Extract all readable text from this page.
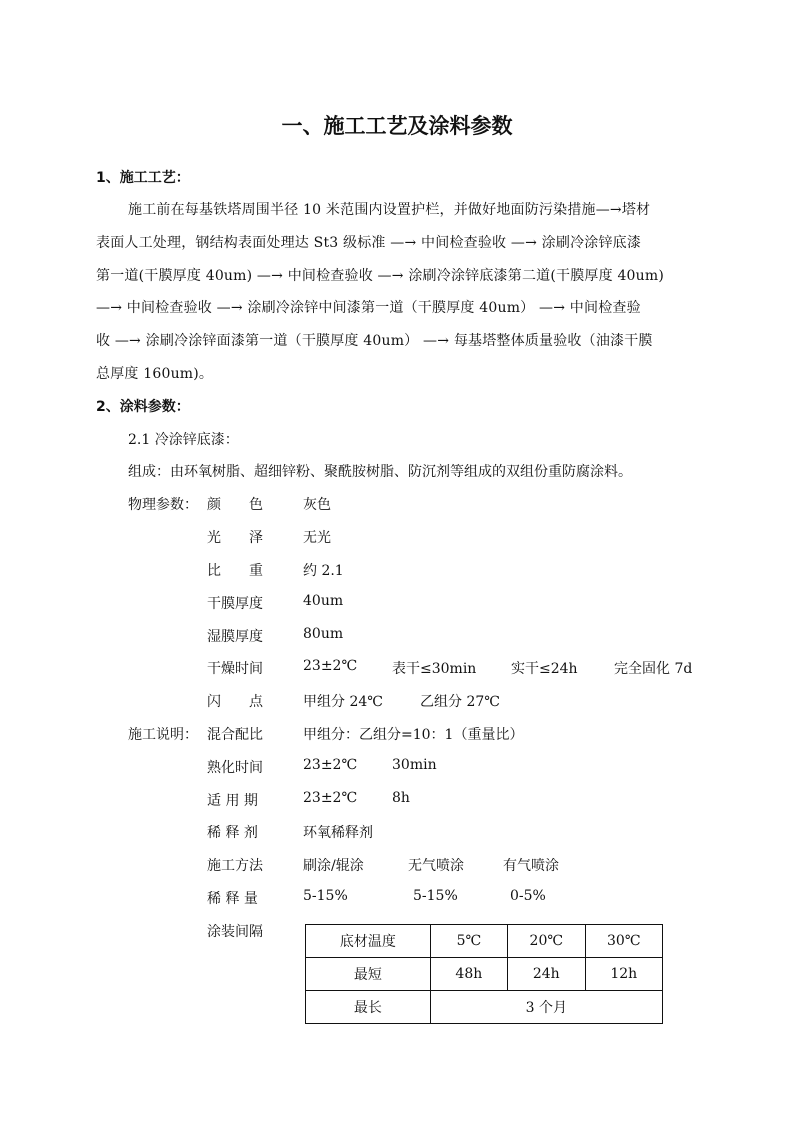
一、施工工艺及涂料参数
1、施工工艺：
施工前在每基铁塔周围半径 10 米范围内设置护栏，并做好地面防污染措施—→塔材
表面人工处理，钢结构表面处理达 St3 级标准 —→ 中间检查验收 —→ 涂刷冷涂锌底漆
第一道(干膜厚度 40um) —→ 中间检查验收 —→ 涂刷冷涂锌底漆第二道(干膜厚度 40um)
—→ 中间检查验收 —→ 涂刷冷涂锌中间漆第一道（干膜厚度 40um） —→ 中间检查验
收 —→ 涂刷冷涂锌面漆第一道（干膜厚度 40um） —→ 每基塔整体质量验收（油漆干膜
总厚度 160um)。
2、涂料参数：
2.1 冷涂锌底漆：
组成：由环氧树脂、超细锌粉、聚酰胺树脂、防沉剂等组成的双组份重防腐涂料。
物理参数： 颜　　色	灰色
光　　泽	无光
比　　重	约 2.1
干膜厚度	40um
湿膜厚度	80um
干燥时间	23±2℃ 表干≤30min 实干≤24h	完全固化 7d
闪　　点	甲组分 24℃	乙组分 27℃
施工说明： 混合配比	甲组分：乙组分=10：1（重量比）
熟化时间	23±2℃ 30min
适 用 期	23±2℃ 8h
稀 释 剂	环氧稀释剂
施工方法	刷涂/辊涂	无气喷涂	有气喷涂
稀 释 量	5-15%	5-15%	0-5%
涂装间隔
底材温度	5℃	20℃	30℃
最短	48h	24h	12h
最长	3 个月		
